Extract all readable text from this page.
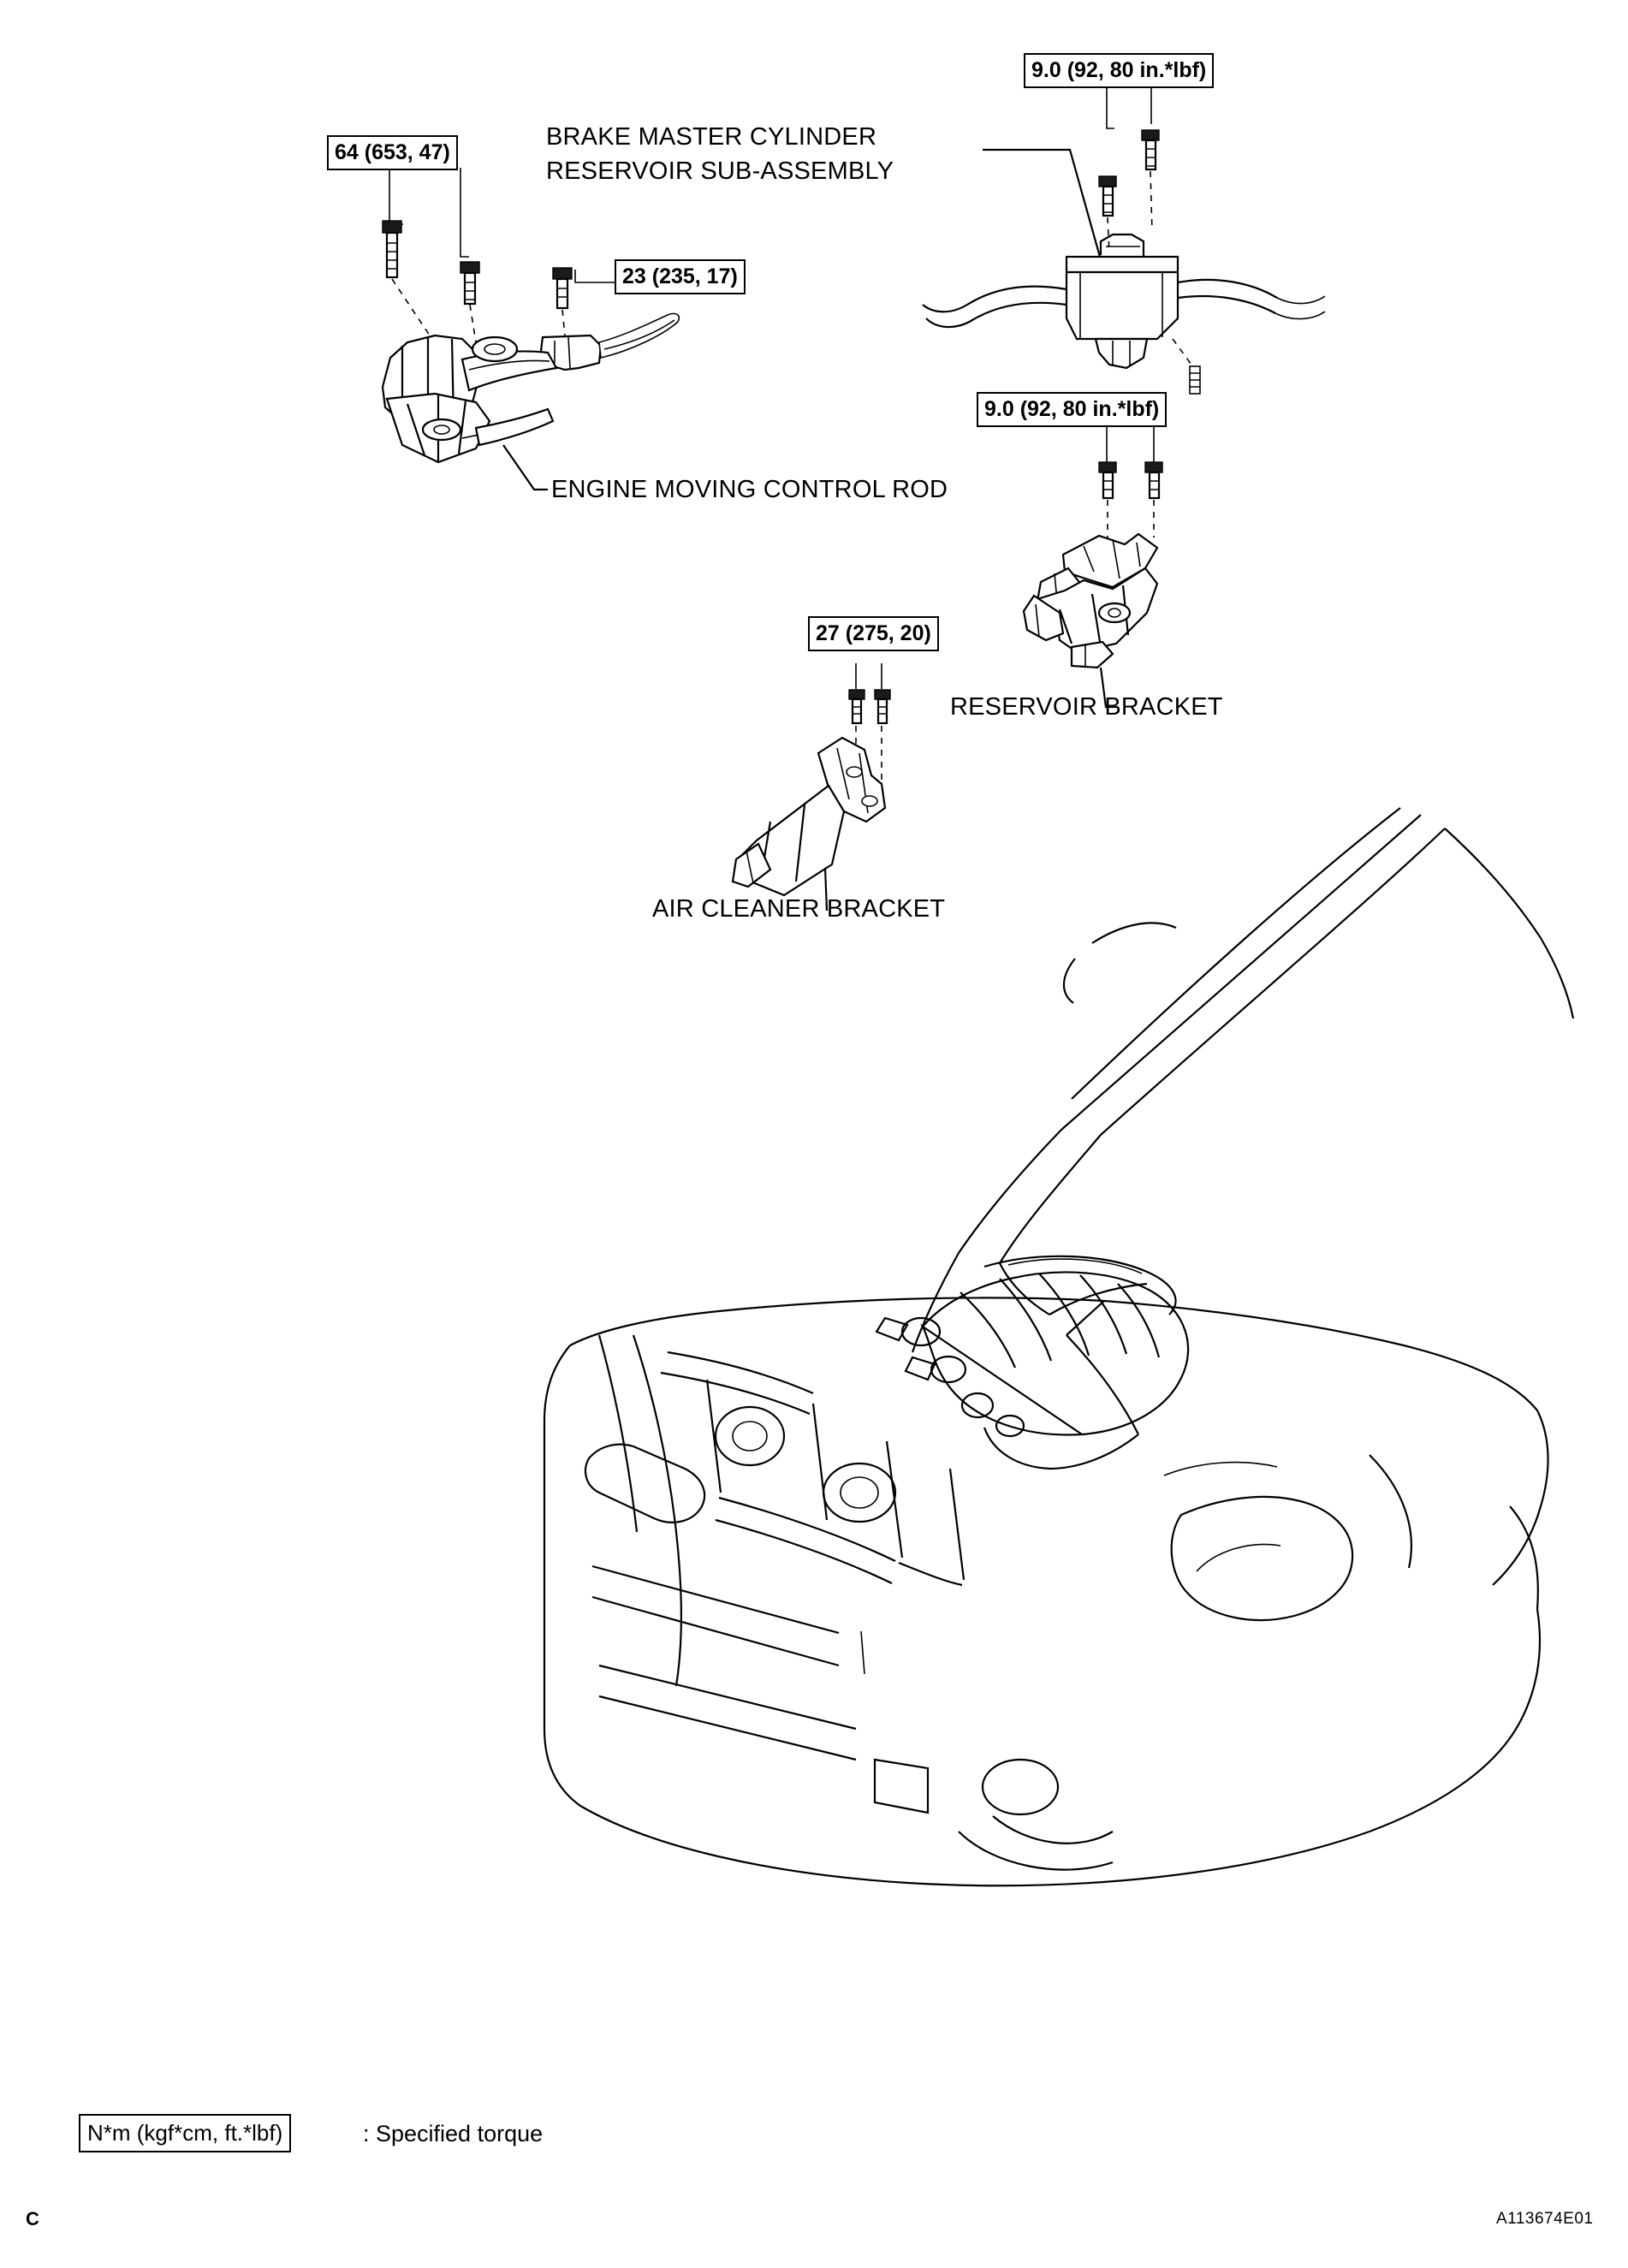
64 (653, 47)
23 (235, 17)
9.0 (92, 80 in.*lbf)
9.0 (92, 80 in.*lbf)
27 (275, 20)
BRAKE MASTER CYLINDER
RESERVOIR SUB-ASSEMBLY
ENGINE MOVING CONTROL ROD
RESERVOIR BRACKET
AIR CLEANER BRACKET
N*m (kgf*cm, ft.*lbf)	: Specified torque
C	A113674E01
